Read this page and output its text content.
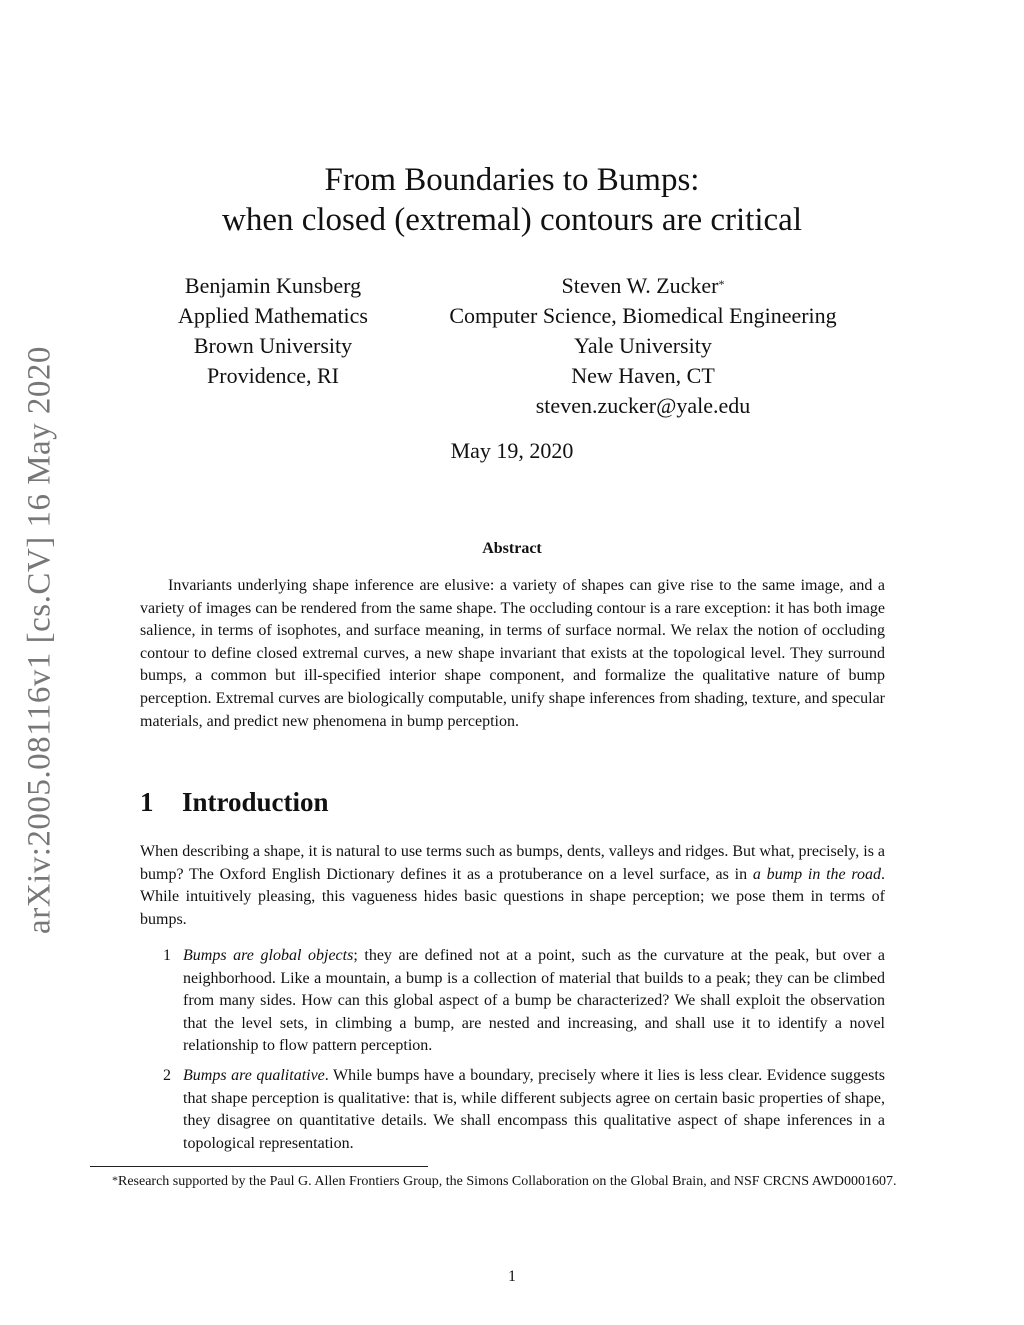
arXiv:2005.08116v1 [cs.CV] 16 May 2020
From Boundaries to Bumps:
when closed (extremal) contours are critical
Benjamin Kunsberg
Applied Mathematics
Brown University
Providence, RI
Steven W. Zucker*
Computer Science, Biomedical Engineering
Yale University
New Haven, CT
steven.zucker@yale.edu
May 19, 2020
Abstract
Invariants underlying shape inference are elusive: a variety of shapes can give rise to the same image, and a variety of images can be rendered from the same shape. The occluding contour is a rare exception: it has both image salience, in terms of isophotes, and surface meaning, in terms of surface normal. We relax the notion of occluding contour to define closed extremal curves, a new shape invariant that exists at the topological level. They surround bumps, a common but ill-specified interior shape component, and formalize the qualitative nature of bump perception. Extremal curves are biologically computable, unify shape inferences from shading, texture, and specular materials, and predict new phenomena in bump perception.
1 Introduction
When describing a shape, it is natural to use terms such as bumps, dents, valleys and ridges. But what, precisely, is a bump? The Oxford English Dictionary defines it as a protuberance on a level surface, as in a bump in the road. While intuitively pleasing, this vagueness hides basic questions in shape perception; we pose them in terms of bumps.
1 Bumps are global objects; they are defined not at a point, such as the curvature at the peak, but over a neighborhood. Like a mountain, a bump is a collection of material that builds to a peak; they can be climbed from many sides. How can this global aspect of a bump be characterized? We shall exploit the observation that the level sets, in climbing a bump, are nested and increasing, and shall use it to identify a novel relationship to flow pattern perception.
2 Bumps are qualitative. While bumps have a boundary, precisely where it lies is less clear. Evidence suggests that shape perception is qualitative: that is, while different subjects agree on certain basic properties of shape, they disagree on quantitative details. We shall encompass this qualitative aspect of shape inferences in a topological representation.
*Research supported by the Paul G. Allen Frontiers Group, the Simons Collaboration on the Global Brain, and NSF CRCNS AWD0001607.
1
